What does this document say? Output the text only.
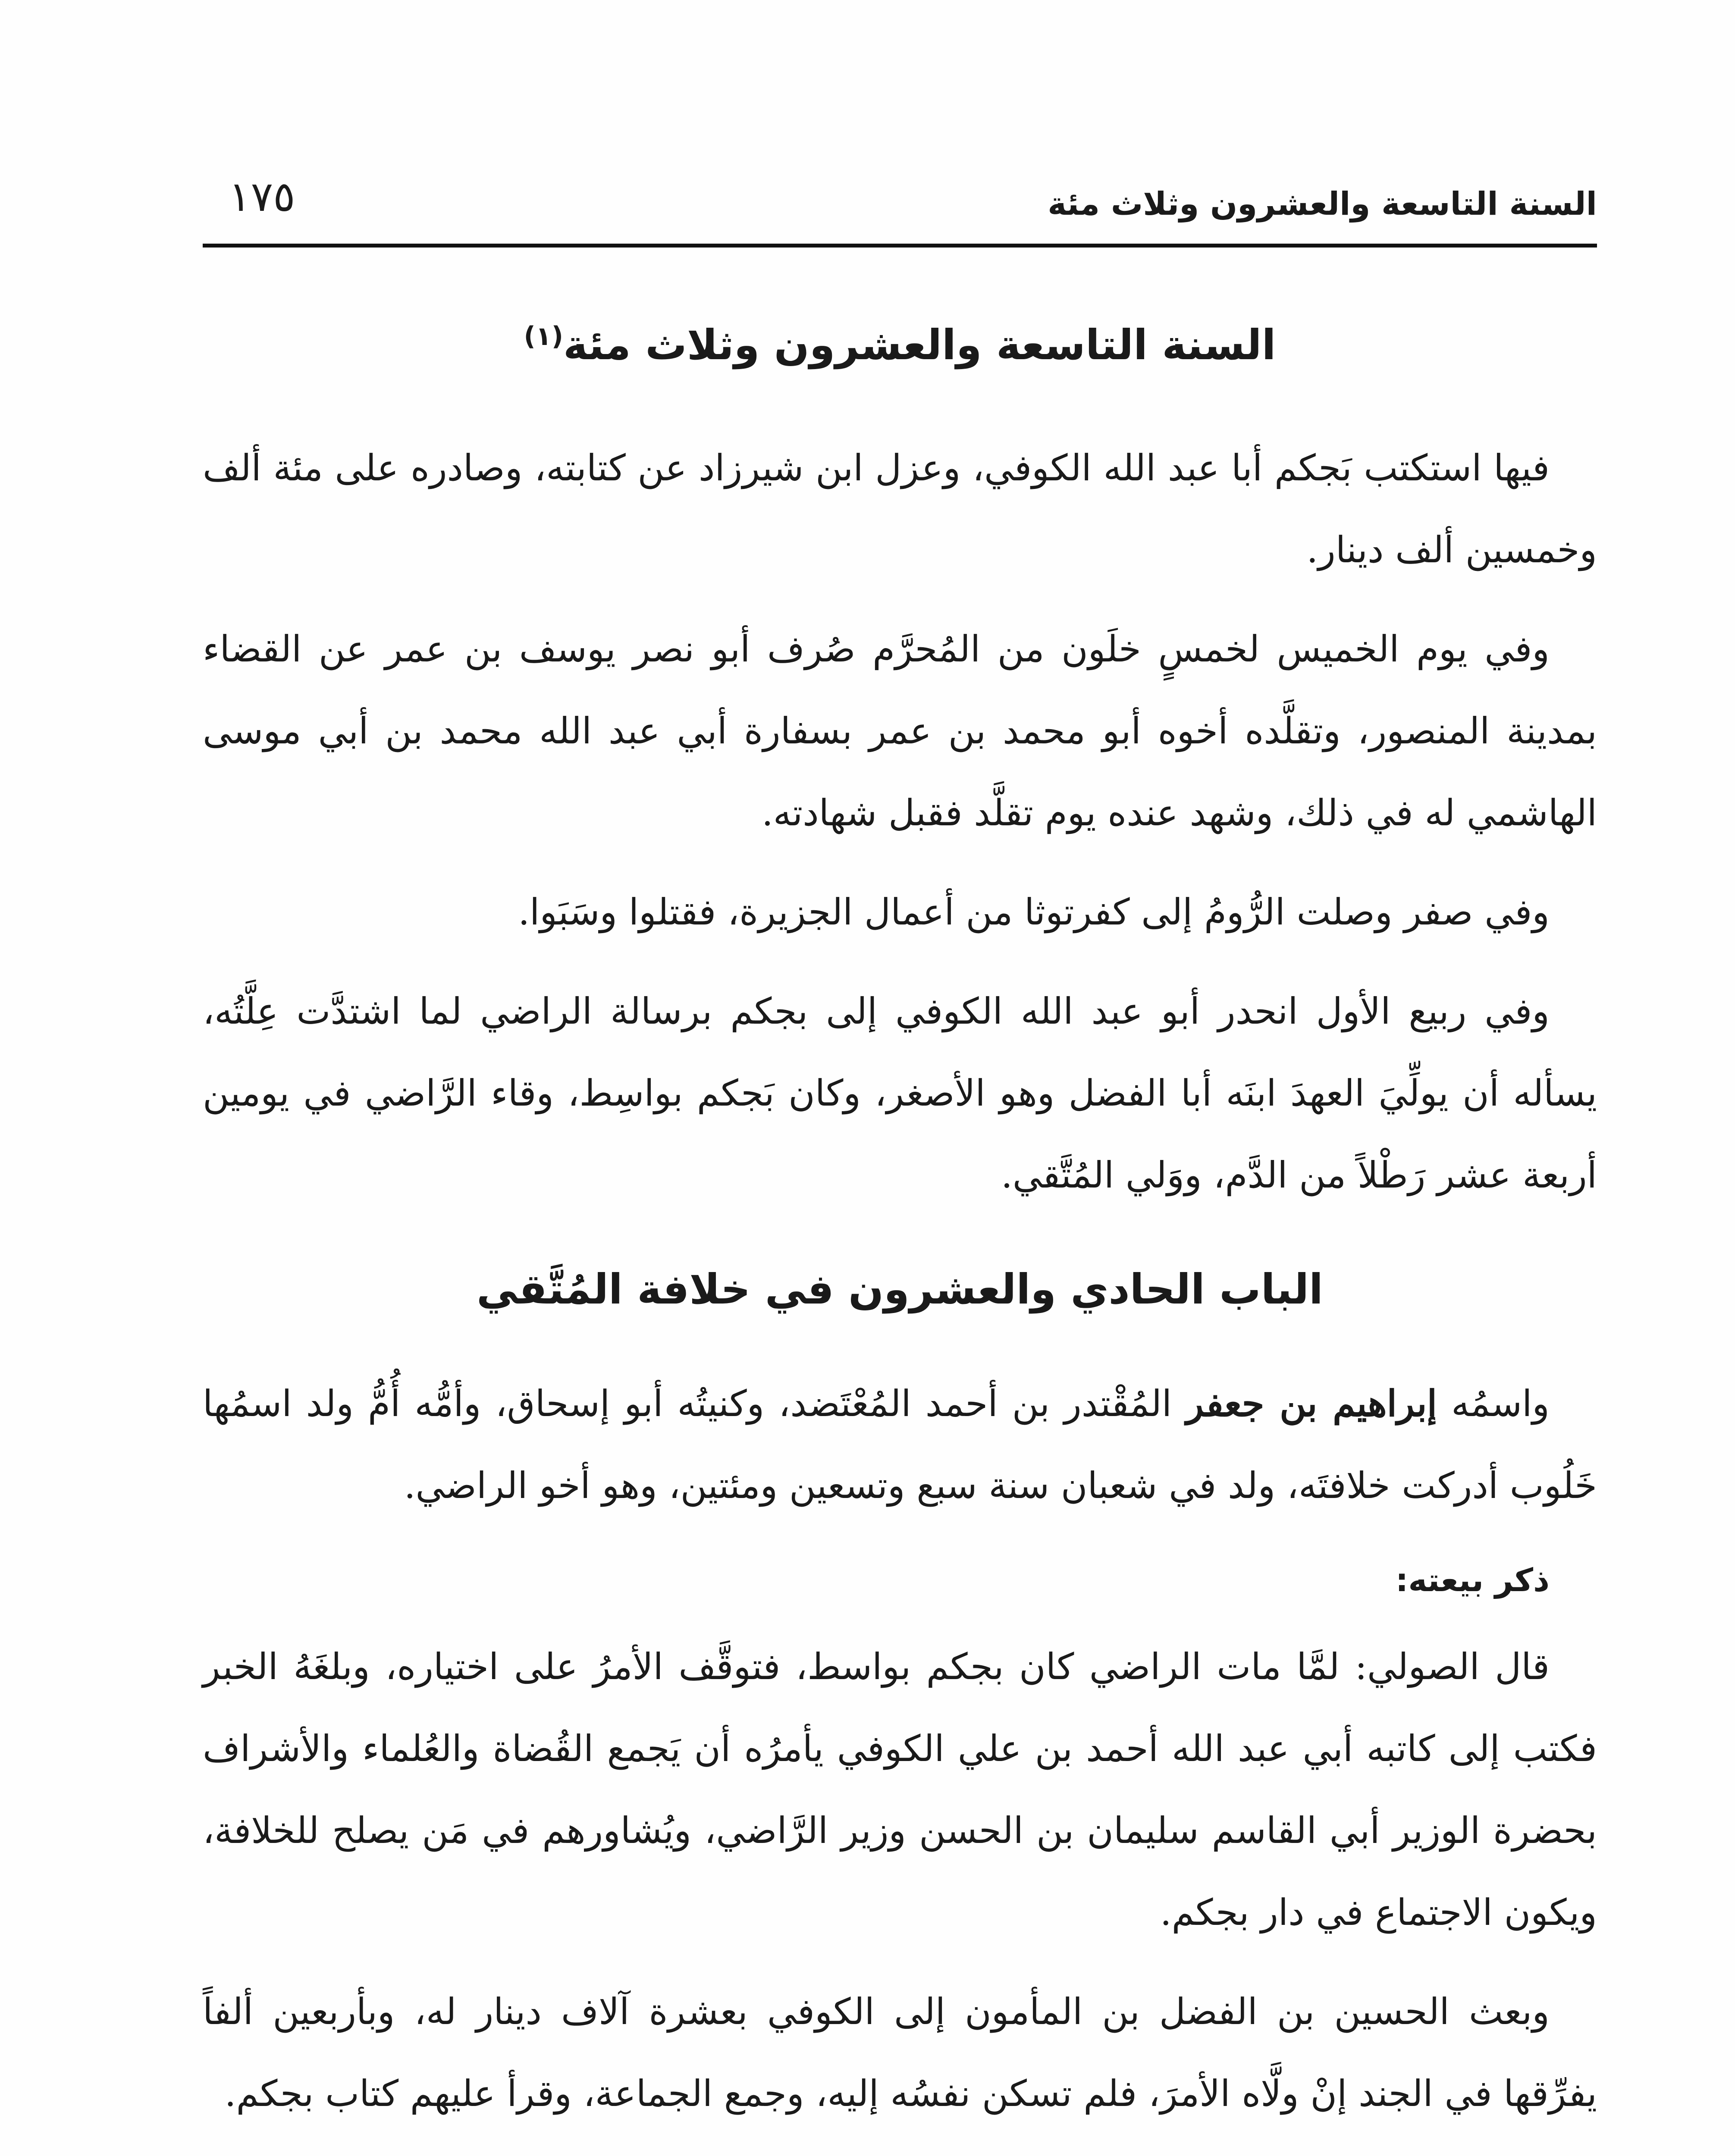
السنة التاسعة والعشرون وثلاث مئة
١٧٥
السنة التاسعة والعشرون وثلاث مئة$^{(١)}$

فيها استكتب بَجكم أبا عبد الله الكوفي، وعزل ابن شيرزاد عن كتابته، وصادره على مئة ألف وخمسين ألف دينار.

وفي يوم الخميس لخمسٍ خلَون من المُحرَّم صُرف أبو نصر يوسف بن عمر عن القضاء بمدينة المنصور، وتقلَّده أخوه أبو محمد بن عمر بسفارة أبي عبد الله محمد بن أبي موسى الهاشمي له في ذلك، وشهد عنده يوم تقلَّد فقبل شهادته.

وفي صفر وصلت الرُّومُ إلى كفرتوثا من أعمال الجزيرة، فقتلوا وسَبَوا.

وفي ربيع الأول انحدر أبو عبد الله الكوفي إلى بجكم برسالة الراضي لما اشتدَّت عِلَّتُه، يسأله أن يولِّيَ العهدَ ابنَه أبا الفضل وهو الأصغر، وكان بَجكم بواسِط، وقاء الرَّاضي في يومين أربعة عشر رَطْلاً من الدَّم، ووَلي المُتَّقي.

الباب الحادي والعشرون في خلافة المُتَّقي

واسمُه إبراهيم بن جعفر المُقْتدر بن أحمد المُعْتَضد، وكنيتُه أبو إسحاق، وأمُّه أُمُّ ولد اسمُها خَلُوب أدركت خلافتَه، ولد في شعبان سنة سبع وتسعين ومئتين، وهو أخو الراضي.

ذكر بيعته:

قال الصولي: لمَّا مات الراضي كان بجكم بواسط، فتوقَّف الأمرُ على اختياره، وبلغَهُ الخبر فكتب إلى كاتبه أبي عبد الله أحمد بن علي الكوفي يأمرُه أن يَجمع القُضاة والعُلماء والأشراف بحضرة الوزير أبي القاسم سليمان بن الحسن وزير الرَّاضي، ويُشاورهم في مَن يصلح للخلافة، ويكون الاجتماع في دار بجكم.

وبعث الحسين بن الفضل بن المأمون إلى الكوفي بعشرة آلاف دينار له، وبأربعين ألفاً يفرِّقها في الجند إنْ ولَّاه الأمرَ، فلم تسكن نفسُه إليه، وجمع الجماعة، وقرأ عليهم كتاب بجكم.
